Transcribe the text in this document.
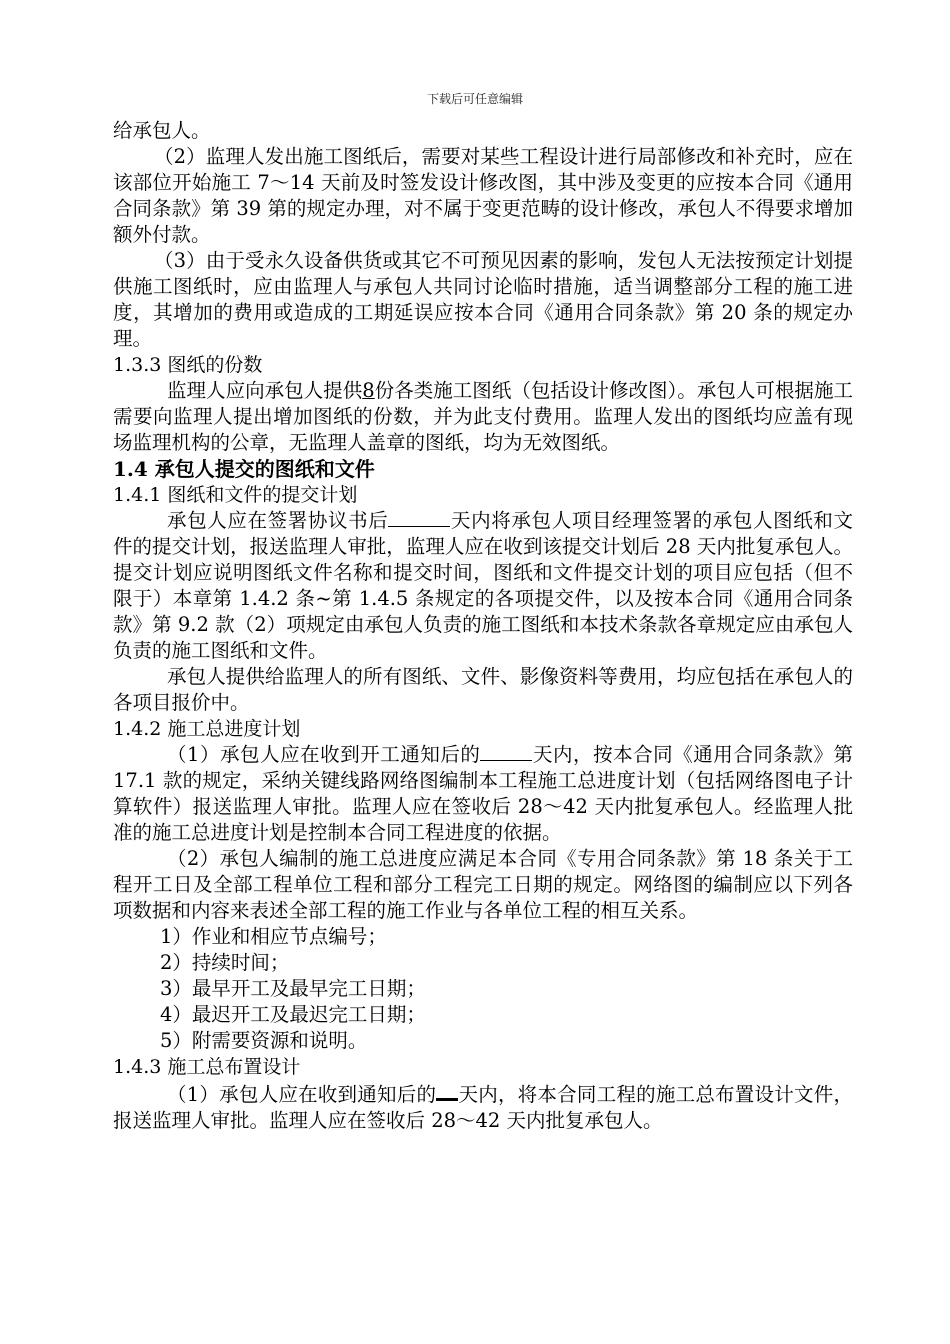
下载后可任意编辑

给承包人。

（2）监理人发出施工图纸后，需要对某些工程设计进行局部修改和补充时，应在该部位开始施工 7～14 天前及时签发设计修改图，其中涉及变更的应按本合同《通用合同条款》第 39 第的规定办理，对不属于变更范畴的设计修改，承包人不得要求增加额外付款。

（3）由于受永久设备供货或其它不可预见因素的影响，发包人无法按预定计划提供施工图纸时，应由监理人与承包人共同讨论临时措施，适当调整部分工程的施工进度，其增加的费用或造成的工期延误应按本合同《通用合同条款》第 20 条的规定办理。

1.3.3 图纸的份数

监理人应向承包人提供8份各类施工图纸（包括设计修改图）。承包人可根据施工需要向监理人提出增加图纸的份数，并为此支付费用。监理人发出的图纸均应盖有现场监理机构的公章，无监理人盖章的图纸，均为无效图纸。

1.4 承包人提交的图纸和文件

1.4.1 图纸和文件的提交计划

承包人应在签署协议书后	天内将承包人项目经理签署的承包人图纸和文件的提交计划，报送监理人审批，监理人应在收到该提交计划后 28 天内批复承包人。提交计划应说明图纸文件名称和提交时间，图纸和文件提交计划的项目应包括（但不限于）本章第 1.4.2 条~第 1.4.5 条规定的各项提交件，以及按本合同《通用合同条款》第 9.2 款（2）项规定由承包人负责的施工图纸和本技术条款各章规定应由承包人负责的施工图纸和文件。

承包人提供给监理人的所有图纸、文件、影像资料等费用，均应包括在承包人的各项目报价中。

1.4.2 施工总进度计划

（1）承包人应在收到开工通知后的	天内，按本合同《通用合同条款》第 17.1 款的规定，采纳关键线路网络图编制本工程施工总进度计划（包括网络图电子计算软件）报送监理人审批。监理人应在签收后 28～42 天内批复承包人。经监理人批准的施工总进度计划是控制本合同工程进度的依据。

（2）承包人编制的施工总进度应满足本合同《专用合同条款》第 18 条关于工程开工日及全部工程单位工程和部分工程完工日期的规定。网络图的编制应以下列各项数据和内容来表述全部工程的施工作业与各单位工程的相互关系。

1）作业和相应节点编号；

2）持续时间；

3）最早开工及最早完工日期；

4）最迟开工及最迟完工日期；

5）附需要资源和说明。

1.4.3 施工总布置设计

（1）承包人应在收到通知后的 天内，将本合同工程的施工总布置设计文件，报送监理人审批。监理人应在签收后 28～42 天内批复承包人。
